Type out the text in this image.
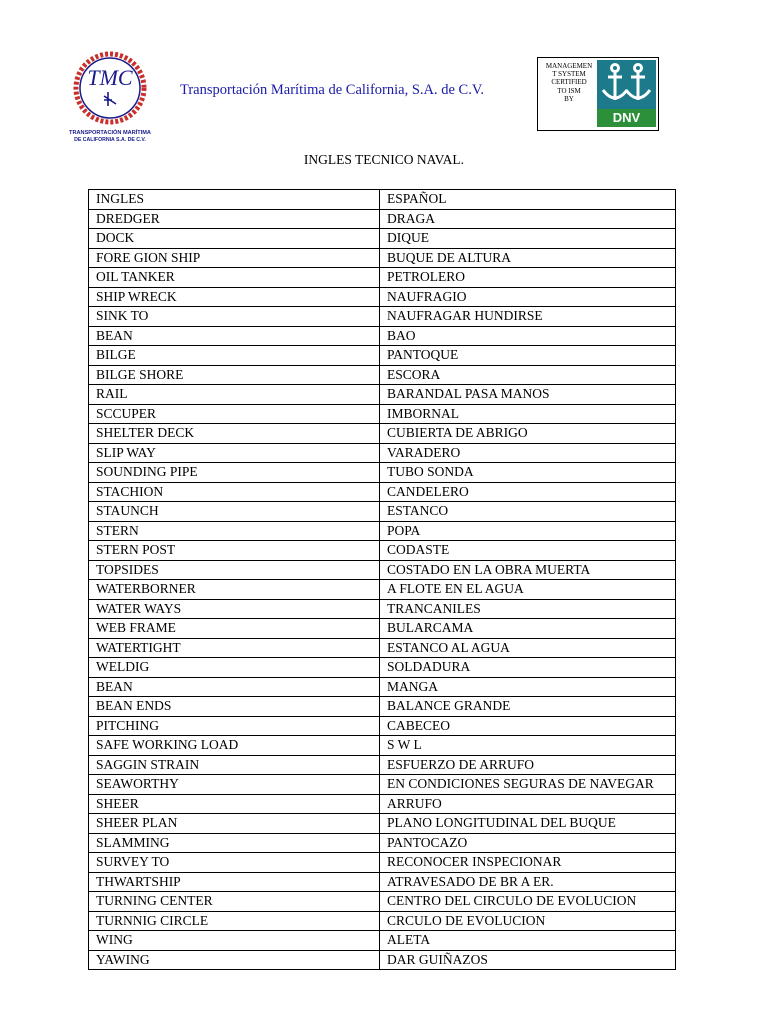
TMC
TRANSPORTACIÓN MARÍTIMA
DE CALIFORNIA S.A. DE C.V.
Transportación Marítima de California, S.A. de C.V.
MANAGEMEN
T SYSTEM
CERTIFIED
TO ISM
BY
DNV
INGLES TECNICO NAVAL.
INGLES	ESPAÑOL
DREDGER	DRAGA
DOCK	DIQUE
FORE GION SHIP	BUQUE DE ALTURA
OIL TANKER	PETROLERO
SHIP WRECK	NAUFRAGIO
SINK TO	NAUFRAGAR HUNDIRSE
BEAN	BAO
BILGE	PANTOQUE
BILGE SHORE	ESCORA
RAIL	BARANDAL PASA MANOS
SCCUPER	IMBORNAL
SHELTER DECK	CUBIERTA DE ABRIGO
SLIP WAY	VARADERO
SOUNDING PIPE	TUBO SONDA
STACHION	CANDELERO
STAUNCH	ESTANCO
STERN	POPA
STERN POST	CODASTE
TOPSIDES	COSTADO EN LA OBRA MUERTA
WATERBORNER	A FLOTE EN EL AGUA
WATER WAYS	TRANCANILES
WEB FRAME	BULARCAMA
WATERTIGHT	ESTANCO AL AGUA
WELDIG	SOLDADURA
BEAN	MANGA
BEAN ENDS	BALANCE GRANDE
PITCHING	CABECEO
SAFE WORKING LOAD	S W L
SAGGIN STRAIN	ESFUERZO DE ARRUFO
SEAWORTHY	EN CONDICIONES SEGURAS DE NAVEGAR
SHEER	ARRUFO
SHEER PLAN	PLANO LONGITUDINAL DEL BUQUE
SLAMMING	PANTOCAZO
SURVEY TO	RECONOCER INSPECIONAR
THWARTSHIP	ATRAVESADO DE BR A ER.
TURNING CENTER	CENTRO DEL CIRCULO DE EVOLUCION
TURNNIG CIRCLE	CRCULO DE EVOLUCION
WING	ALETA
YAWING	DAR GUIÑAZOS
